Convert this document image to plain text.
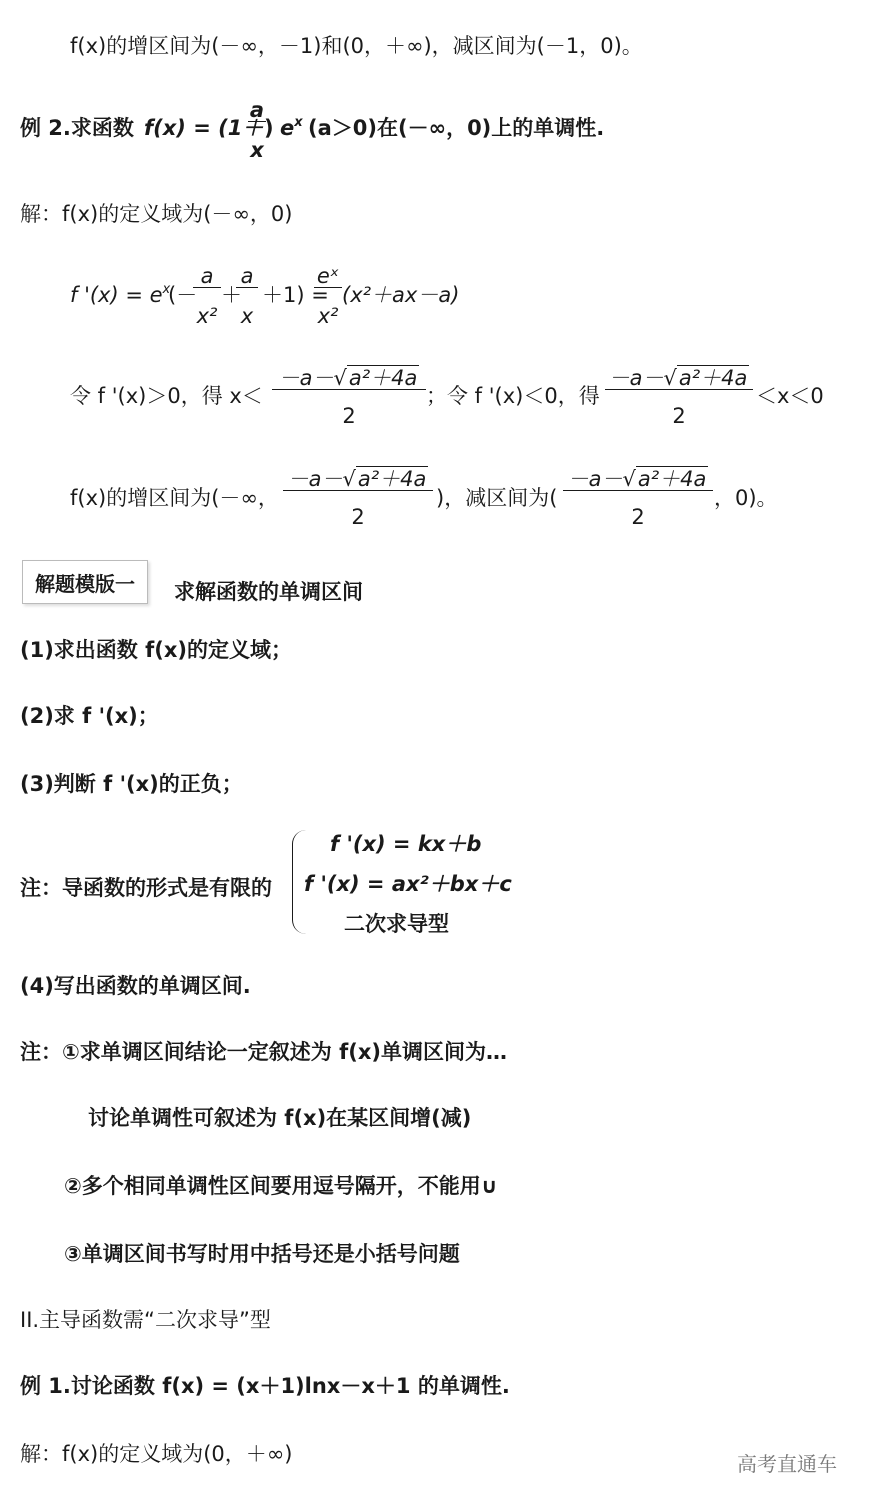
f(x)的增区间为(－∞，－1)和(0，＋∞)，减区间为(－1，0)。
例 2.求函数 f(x) = (1＋
$\frac{a}{x}$
) $e^x$ (a＞0)在(－∞，0)上的单调性.
解：f(x)的定义域为(－∞，0)
f '$(x) = e^x$
(－
$\frac{a}{\text{x²}}$ ＋
$\frac{a}{x} +1$) =
$\frac{\text{eˣ}}{\text{x²}} (x^2+ax-a)$
令 f '(x)＞0，得 $x< \frac{\text{－a－√a²＋4a}}{2}$ ；令 f '(x)＜0，得 $\frac{\text{－a－√a²＋4a}}{2} <x<0$
f(x)的增区间为(－∞， $\frac{\text{－a－√a²＋4a}}{2}$ )，减区间为( $\frac{\text{－a－√a²＋4a}}{2}$ ，0)。
解题模版一	求解函数的单调区间
(1)求出函数 f(x)的定义域；
(2)求 f '(x)；
(3)判断 f '(x)的正负；
注：导函数的形式是有限的
f '(x) = kx＋b
f '(x) = ax²＋bx＋c
二次求导型
(4)写出函数的单调区间.
注：①求单调区间结论一定叙述为 f(x)单调区间为…
讨论单调性可叙述为 f(x)在某区间增(减)
②多个相同单调性区间要用逗号隔开，不能用∪
③单调区间书写时用中括号还是小括号问题
II.主导函数需“二次求导”型
例 1.讨论函数 f(x) = (x＋1)lnx－x＋1 的单调性.
解：f(x)的定义域为(0，＋∞)	高考直通车
